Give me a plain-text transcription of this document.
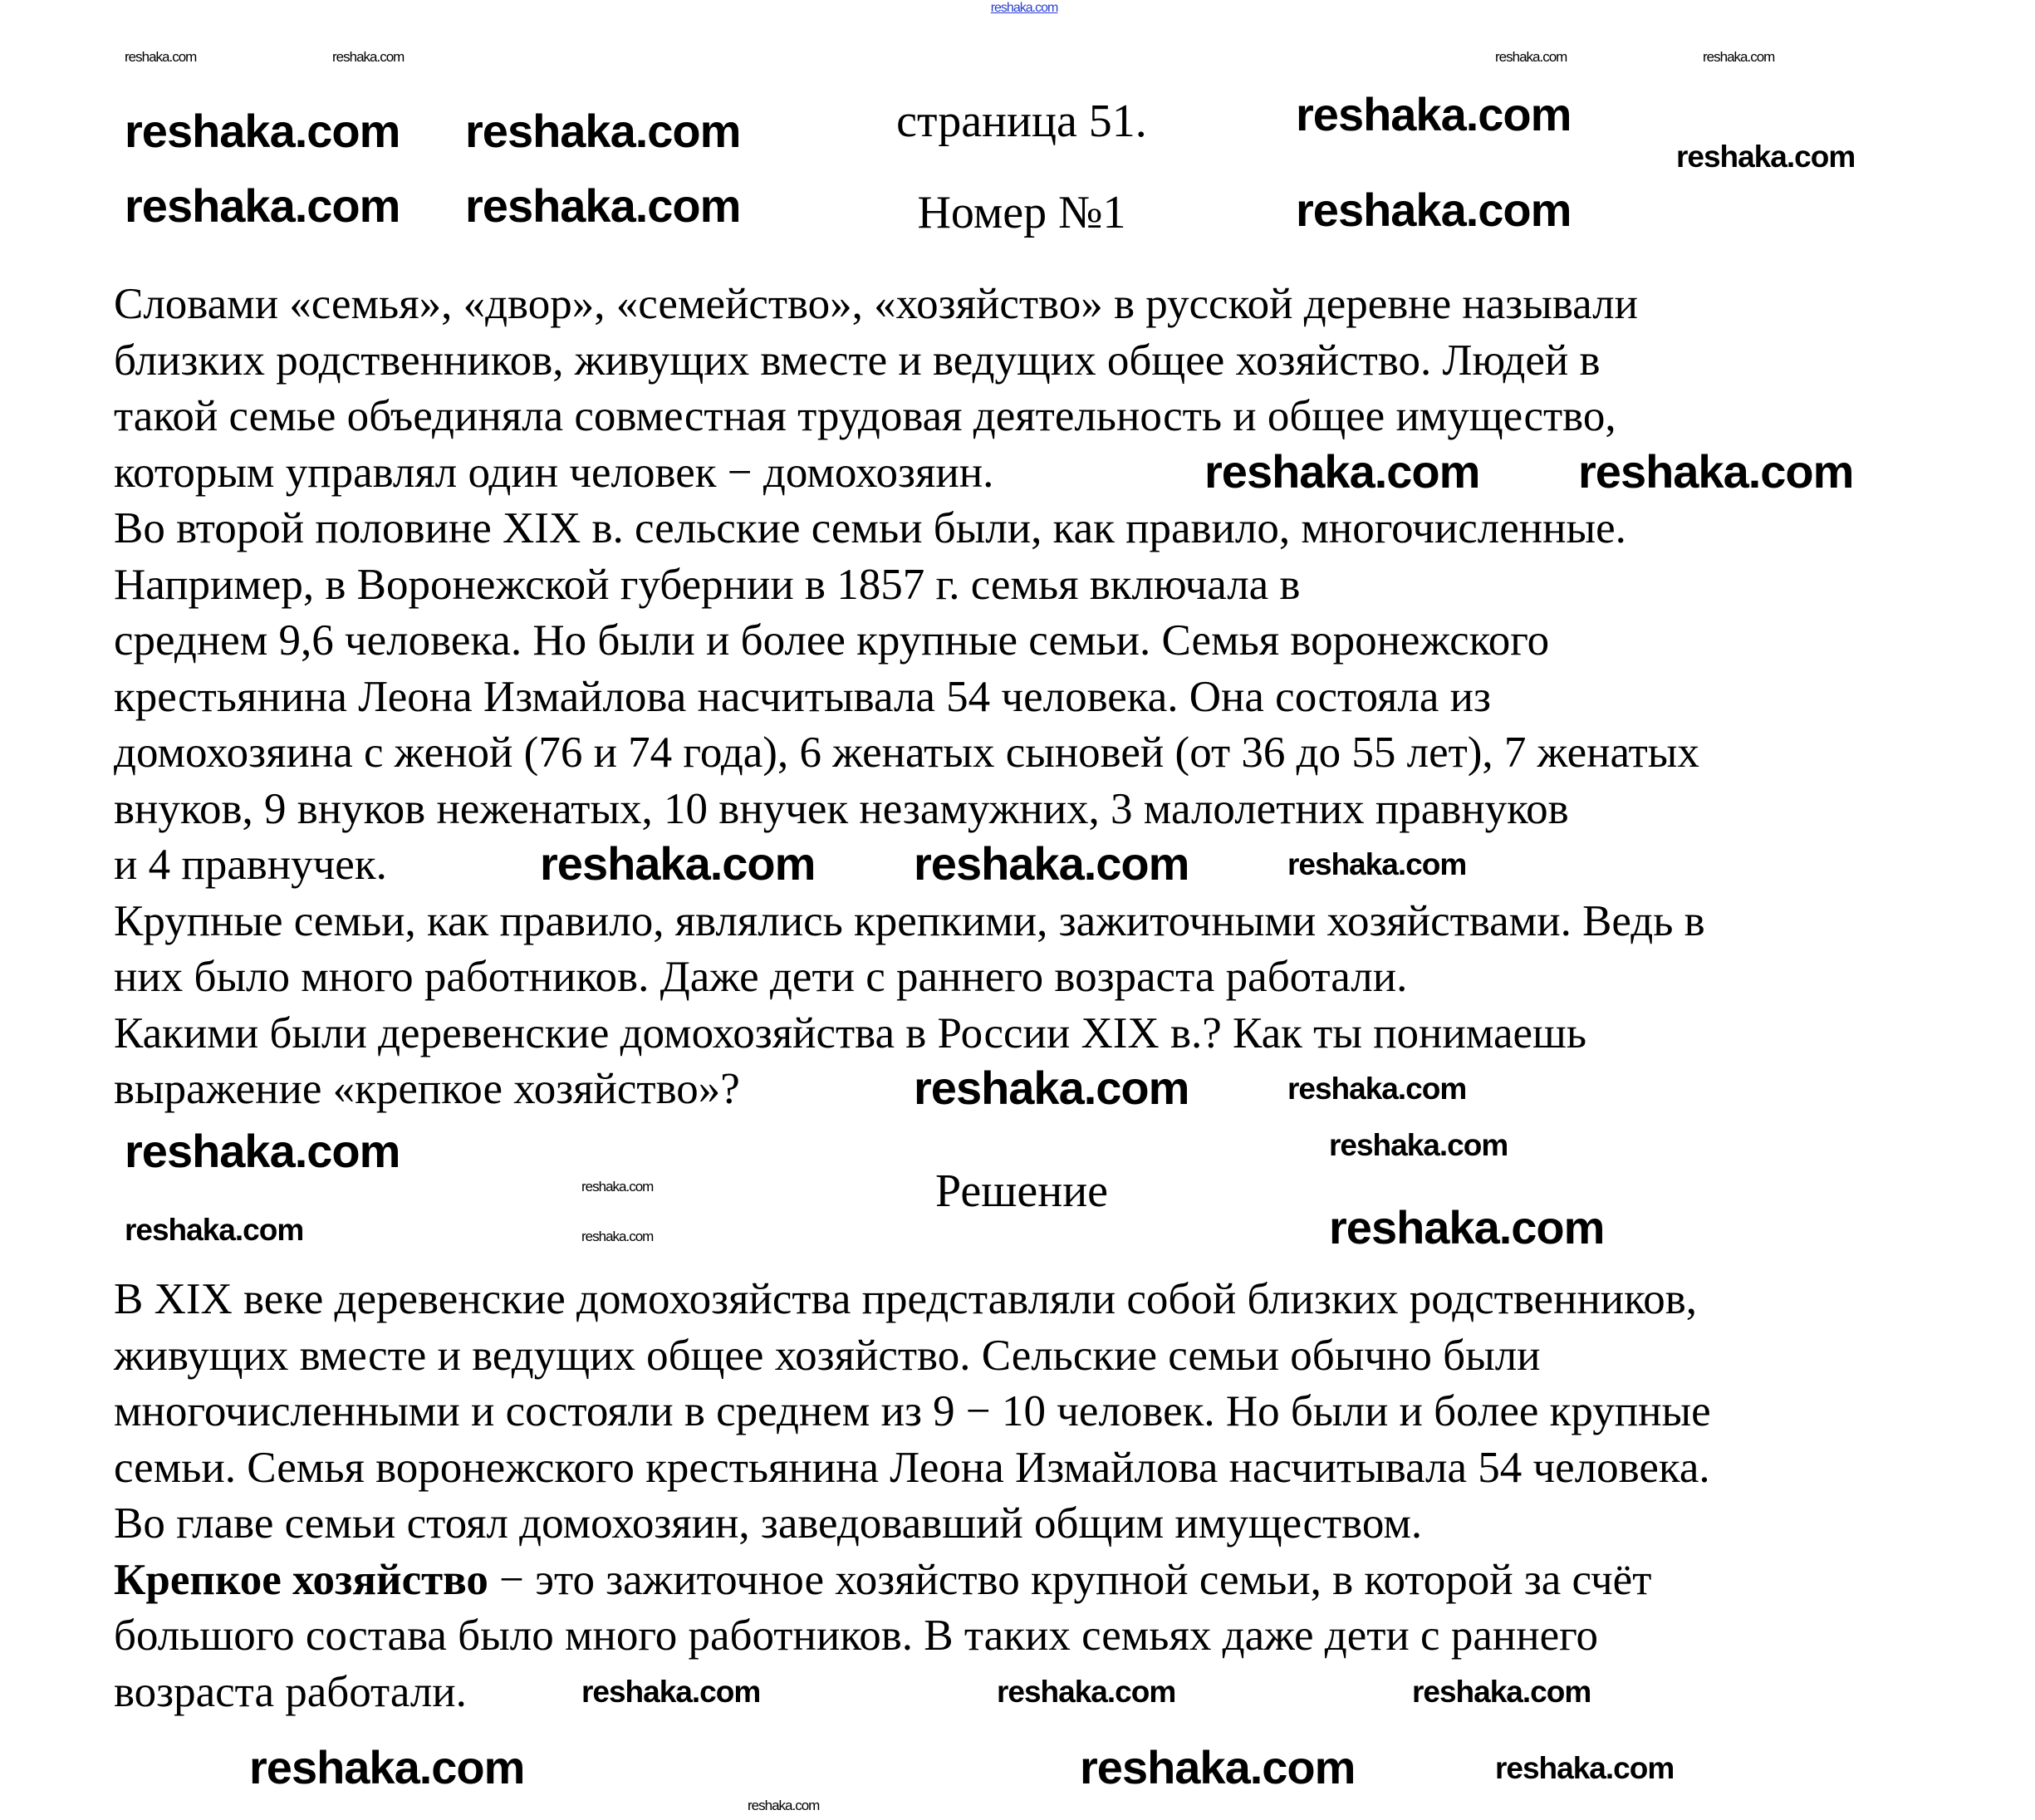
reshaka.com
страница 51.
Номер №1
Словами «семья», «двор», «семейство», «хозяйство» в русской деревне называли
близких родственников, живущих вместе и ведущих общее хозяйство. Людей в
такой семье объединяла совместная трудовая деятельность и общее имущество,
которым управлял один человек − домохозяин.
Во второй половине XIX в. сельские семьи были, как правило, многочисленные.
Например, в Воронежской губернии в 1857 г. семья включала в
среднем 9,6 человека. Но были и более крупные семьи. Семья воронежского
крестьянина Леона Измайлова насчитывала 54 человека. Она состояла из
домохозяина с женой (76 и 74 года), 6 женатых сыновей (от 36 до 55 лет), 7 женатых
внуков, 9 внуков неженатых, 10 внучек незамужних, 3 малолетних правнуков
и 4 правнучек.
Крупные семьи, как правило, являлись крепкими, зажиточными хозяйствами. Ведь в
них было много работников. Даже дети с раннего возраста работали.
Какими были деревенские домохозяйства в России XIX в.? Как ты понимаешь
выражение «крепкое хозяйство»?
Решение
В XIX веке деревенские домохозяйства представляли собой близких родственников,
живущих вместе и ведущих общее хозяйство. Сельские семьи обычно были
многочисленными и состояли в среднем из 9 − 10 человек. Но были и более крупные
семьи. Семья воронежского крестьянина Леона Измайлова насчитывала 54 человека.
Во главе семьи стоял домохозяин, заведовавший общим имуществом.
Крепкое хозяйство − это зажиточное хозяйство крупной семьи, в которой за счёт
большого состава было много работников. В таких семьях даже дети с раннего
возраста работали.
reshaka.com
reshaka.com reshaka.com	reshaka.com
reshaka.com reshaka.com	reshaka.com
reshaka.com reshaka.com
reshaka.com reshaka.com
reshaka.com
reshaka.com
reshaka.com
reshaka.com	reshaka.com
reshaka.com
reshaka.com
reshaka.com
reshaka.com
reshaka.com	reshaka.com	reshaka.com
reshaka.com
reshaka.com	reshaka.com	reshaka.com	reshaka.com
reshaka.com
reshaka.com
reshaka.com
